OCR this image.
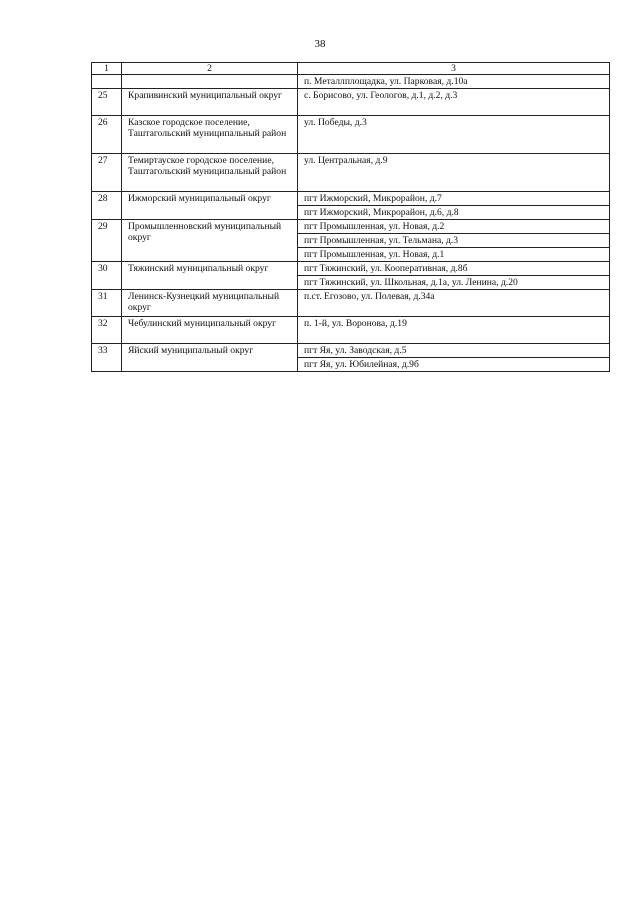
38
1	2	3
		п. Металлплощадка, ул. Парковая, д.10а
25	Крапивинский муниципальный округ	с. Борисово, ул. Геологов, д.1, д.2, д.3
26	Казское городское поселение, Таштагольский муниципальный район	ул. Победы, д.3
27	Темиртауское городское поселение, Таштагольский муниципальный район	ул. Центральная, д.9
28	Ижморский муниципальный округ	пгт Ижморский, Микрорайон, д.7
		пгт Ижморский, Микрорайон, д.6, д.8
29	Промышленновский муниципальный округ	пгт Промышленная, ул. Новая, д.2
		пгт Промышленная, ул. Тельмана, д.3
		пгт Промышленная, ул. Новая, д.1
30	Тяжинский муниципальный округ	пгт Тяжинский, ул. Кооперативная, д.8б
		пгт Тяжинский, ул. Школьная, д.1а, ул. Ленина, д.20
31	Ленинск-Кузнецкий муниципальный округ	п.ст. Егозово, ул. Полевая, д.34а
32	Чебулинский муниципальный округ	п. 1-й, ул. Воронова, д.19
33	Яйский муниципальный округ	пгт Яя, ул. Заводская, д.5
		пгт Яя, ул. Юбилейная, д.9б
